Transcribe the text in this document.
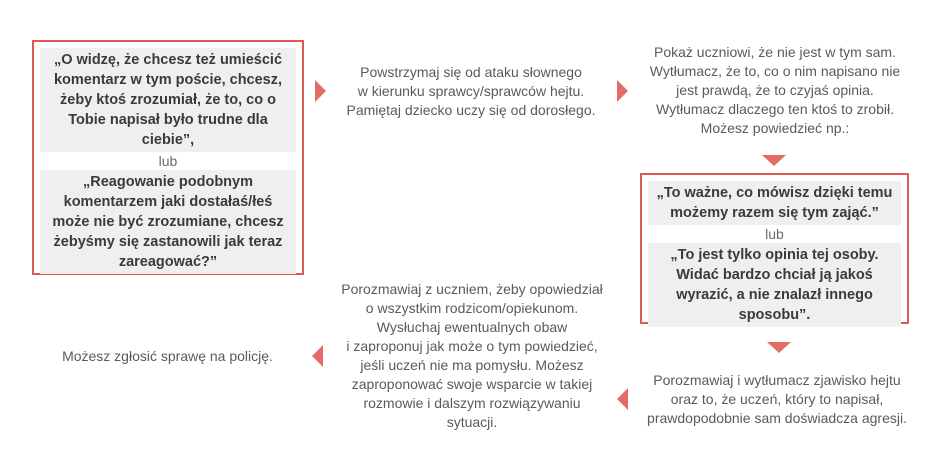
„O widzę, że chcesz też umieścić komentarz w tym poście, chcesz, żeby ktoś zrozumiał, że to, co o Tobie napisał było trudne dla ciebie”,
lub
„Reagowanie podobnym komentarzem jaki dostałaś/łeś może nie być zrozumiane, chcesz żebyśmy się zastanowili jak teraz zareagować?”
Powstrzymaj się od ataku słownego
w kierunku sprawcy/sprawców hejtu.
Pamiętaj dziecko uczy się od dorosłego.
Pokaż uczniowi, że nie jest w tym sam.
Wytłumacz, że to, co o nim napisano nie
jest prawdą, że to czyjaś opinia.
Wytłumacz dlaczego ten ktoś to zrobił.
Możesz powiedzieć np.:
„To ważne, co mówisz dzięki temu możemy razem się tym zająć.”
lub
„To jest tylko opinia tej osoby. Widać bardzo chciał ją jakoś wyrazić, a nie znalazł innego sposobu”.
Porozmawiaj i wytłumacz zjawisko hejtu
oraz to, że uczeń, który to napisał,
prawdopodobnie sam doświadcza agresji.
Porozmawiaj z uczniem, żeby opowiedział
o wszystkim rodzicom/opiekunom.
Wysłuchaj ewentualnych obaw
i zaproponuj jak może o tym powiedzieć,
jeśli uczeń nie ma pomysłu. Możesz
zaproponować swoje wsparcie w takiej
rozmowie i dalszym rozwiązywaniu
sytuacji.
Możesz zgłosić sprawę na policję.
